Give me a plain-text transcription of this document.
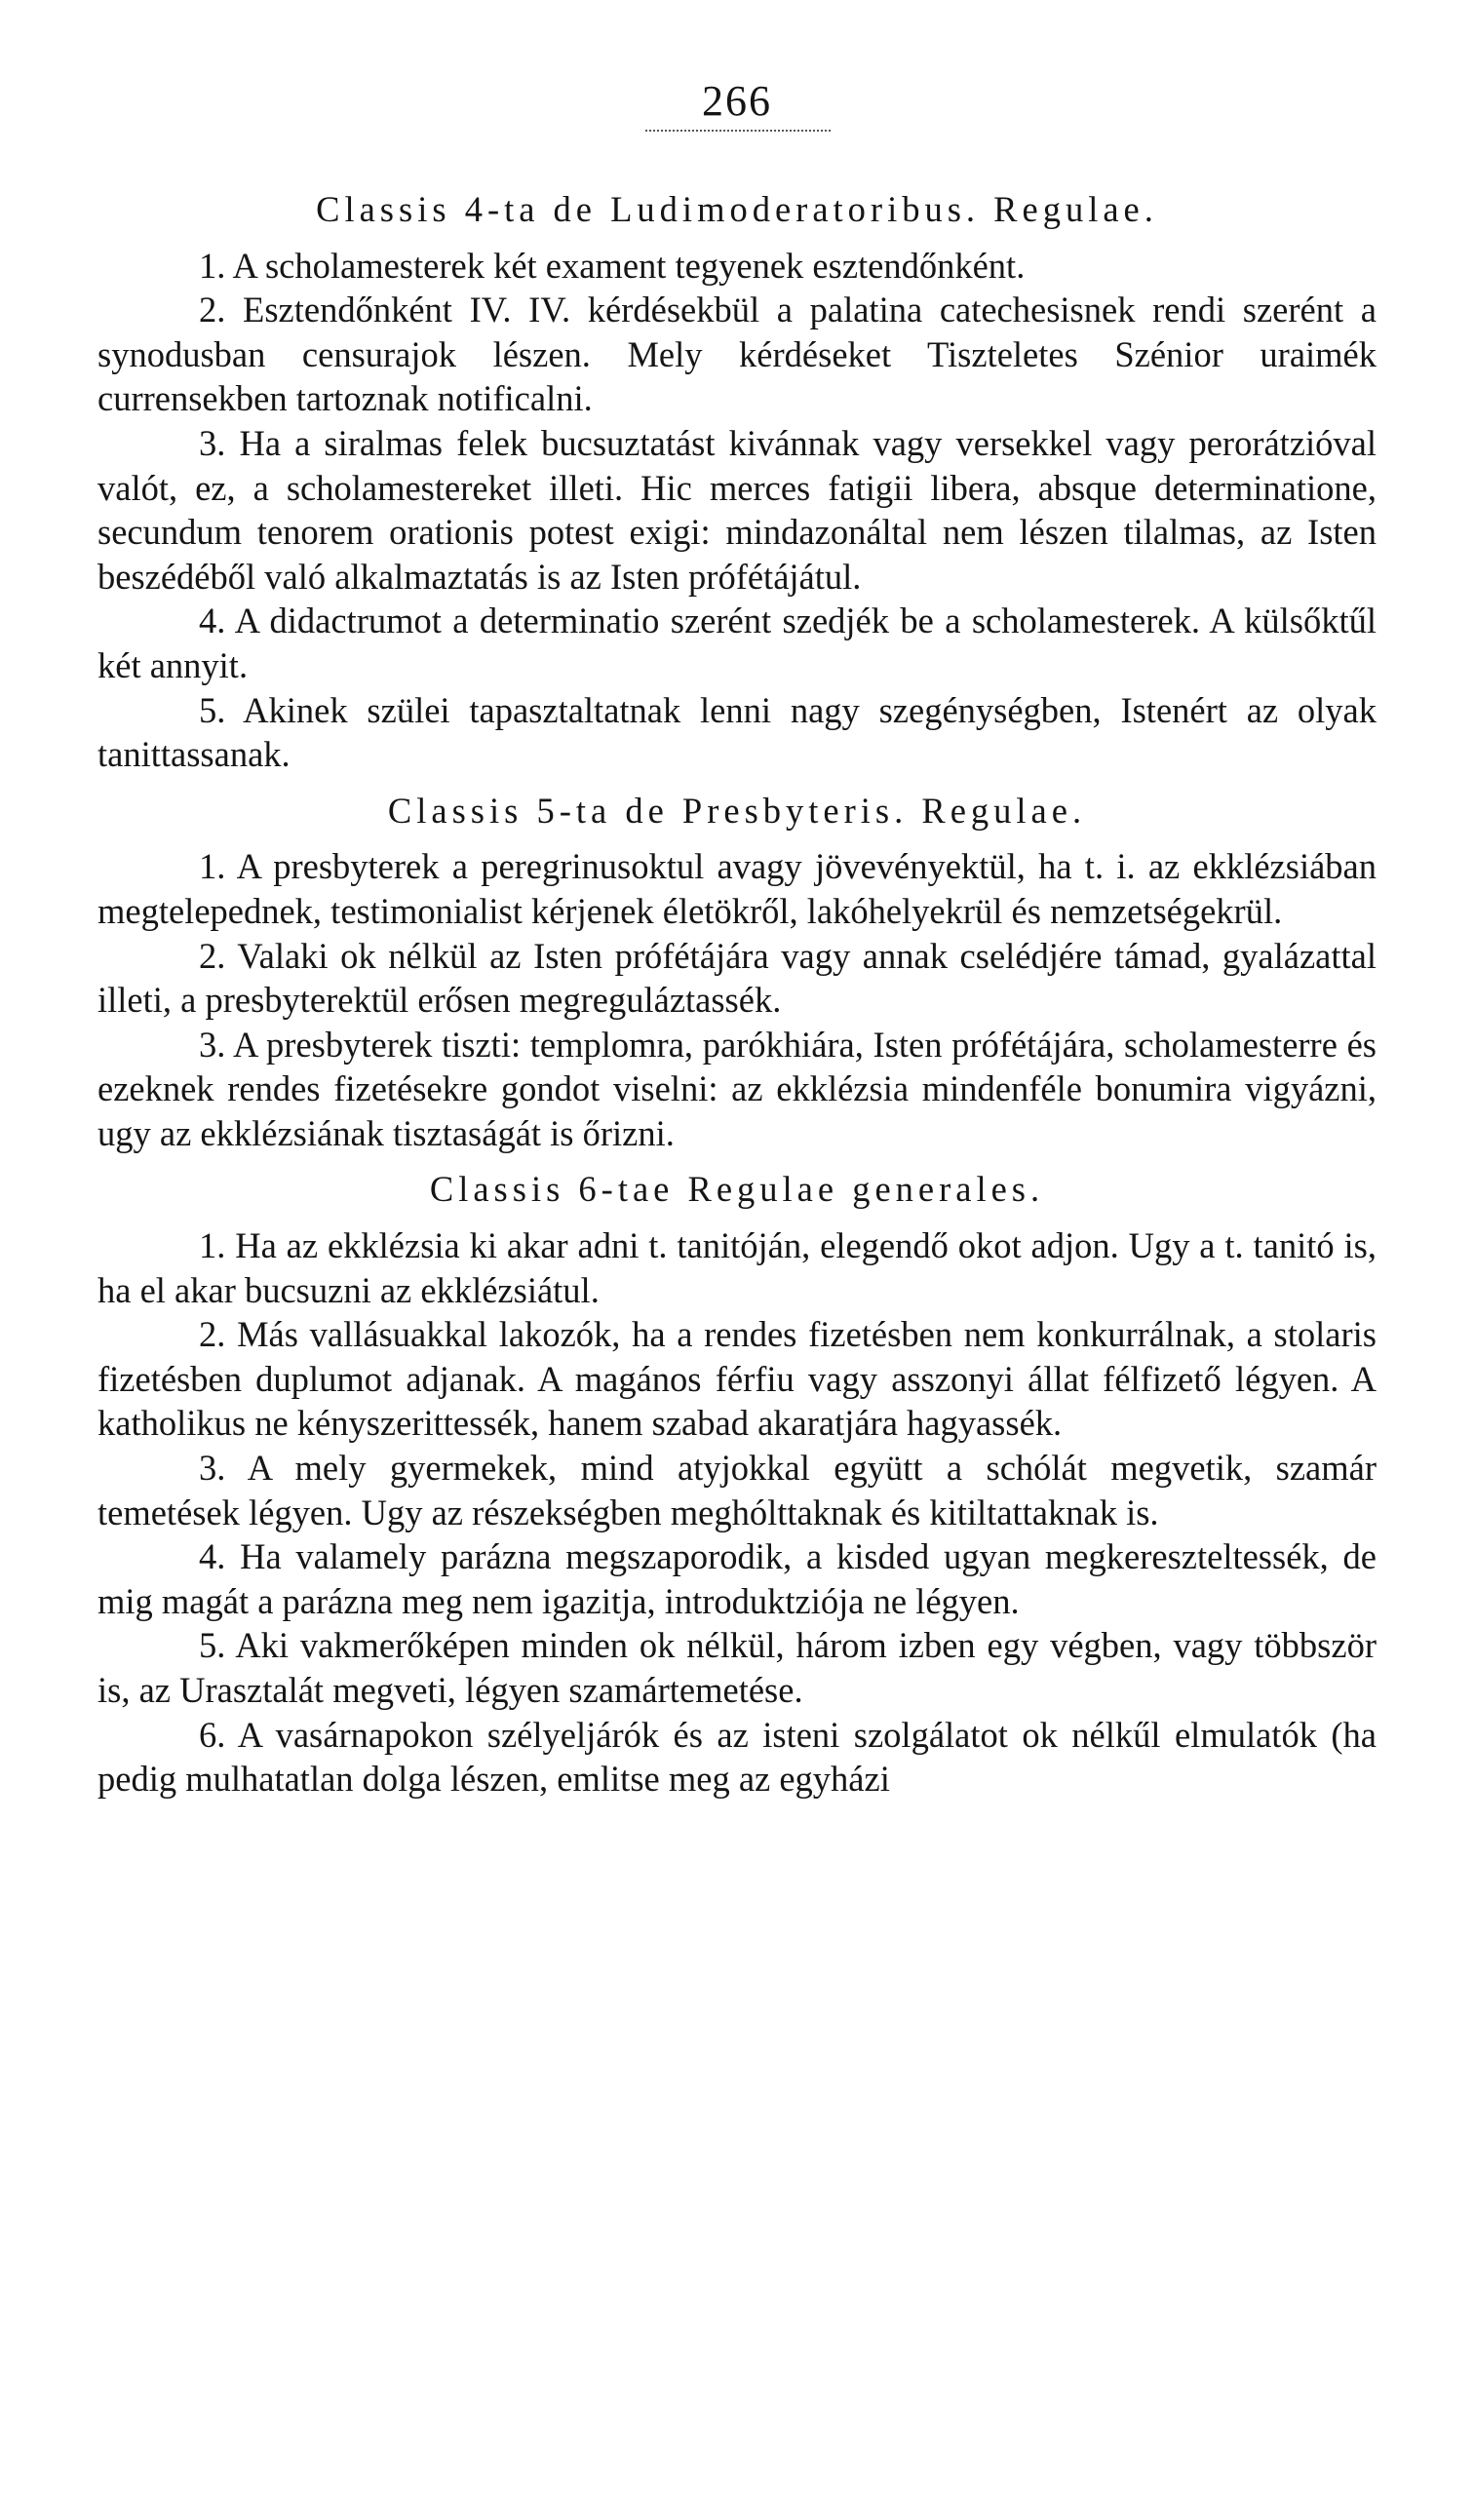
266
Classis 4-ta de Ludimoderatoribus. Regulae.

1. A scholamesterek két exament tegyenek esztendőnként.

2. Esztendőnként IV. IV. kérdésekbül a palatina catechesisnek rendi szerént a synodusban censurajok lészen. Mely kérdéseket Tiszteletes Szénior uraimék currensekben tartoznak notificalni.

3. Ha a siralmas felek bucsuztatást kivánnak vagy versekkel vagy perorátzióval valót, ez, a scholamestereket illeti. Hic merces fatigii libera, absque determinatione, secundum tenorem orationis potest exigi: mindazonáltal nem lészen tilalmas, az Isten beszédéből való alkalmaztatás is az Isten prófétájátul.

4. A didactrumot a determinatio szerént szedjék be a scholamesterek. A külsőktűl két annyit.

5. Akinek szülei tapasztaltatnak lenni nagy szegénységben, Istenért az olyak tanittassanak.

Classis 5-ta de Presbyteris. Regulae.

1. A presbyterek a peregrinusoktul avagy jövevényektül, ha t. i. az ekklézsiában megtelepednek, testimonialist kérjenek életökről, lakóhelyekrül és nemzetségekrül.

2. Valaki ok nélkül az Isten prófétájára vagy annak cselédjére támad, gyalázattal illeti, a presbyterektül erősen megreguláztassék.

3. A presbyterek tiszti: templomra, parókhiára, Isten prófétájára, scholamesterre és ezeknek rendes fizetésekre gondot viselni: az ekklézsia mindenféle bonumira vigyázni, ugy az ekklézsiának tisztaságát is őrizni.

Classis 6-tae Regulae generales.

1. Ha az ekklézsia ki akar adni t. tanitóján, elegendő okot adjon. Ugy a t. tanitó is, ha el akar bucsuzni az ekklézsiátul.

2. Más vallásuakkal lakozók, ha a rendes fizetésben nem konkurrálnak, a stolaris fizetésben duplumot adjanak. A magános férfiu vagy asszonyi állat félfizető légyen. A katholikus ne kényszerittessék, hanem szabad akaratjára hagyassék.

3. A mely gyermekek, mind atyjokkal együtt a schólát megvetik, szamár temetések légyen. Ugy az részekségben meghólttaknak és kitiltattaknak is.

4. Ha valamely parázna megszaporodik, a kisded ugyan megkereszteltessék, de mig magát a parázna meg nem igazitja, introduktziója ne légyen.

5. Aki vakmerőképen minden ok nélkül, három izben egy végben, vagy többször is, az Urasztalát megveti, légyen szamártemetése.

6. A vasárnapokon szélyeljárók és az isteni szolgálatot ok nélkűl elmulatók (ha pedig mulhatatlan dolga lészen, emlitse meg az egyházi
